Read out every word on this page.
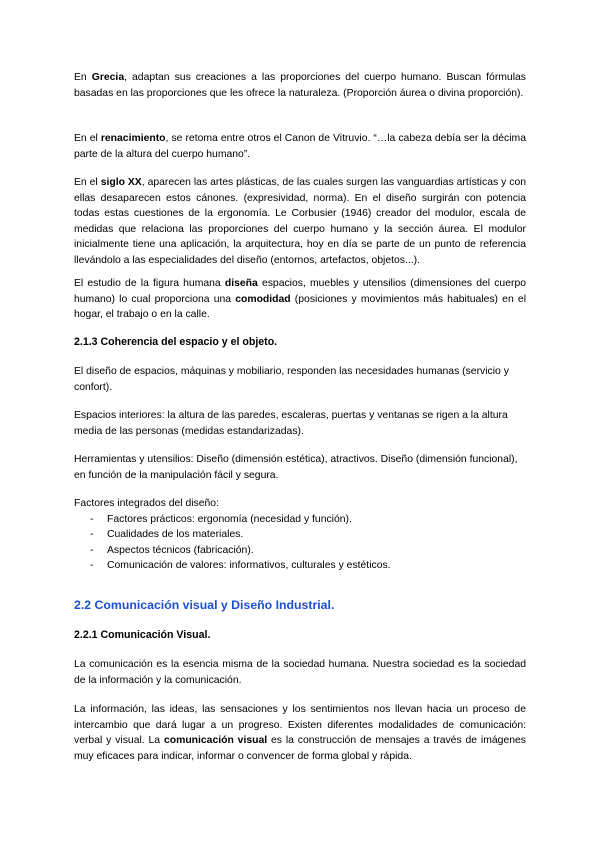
En Grecia, adaptan sus creaciones a las proporciones del cuerpo humano. Buscan fórmulas basadas en las proporciones que les ofrece la naturaleza. (Proporción áurea o divina proporción).

En el renacimiento, se retoma entre otros el Canon de Vitruvio. “…la cabeza debía ser la décima parte de la altura del cuerpo humano”.

En el siglo XX, aparecen las artes plásticas, de las cuales surgen las vanguardias artísticas y con ellas desaparecen estos cánones. (expresividad, norma). En el diseño surgirán con potencia todas estas cuestiones de la ergonomía. Le Corbusier (1946) creador del modulor, escala de medidas que relaciona las proporciones del cuerpo humano y la sección áurea. El modulor inicialmente tiene una aplicación, la arquitectura, hoy en día se parte de un punto de referencia llevándolo a las especialidades del diseño (entornos, artefactos, objetos...).

El estudio de la figura humana diseña espacios, muebles y utensilios (dimensiones del cuerpo humano) lo cual proporciona una comodidad (posiciones y movimientos más habituales) en el hogar, el trabajo o en la calle.

2.1.3 Coherencia del espacio y el objeto.

El diseño de espacios, máquinas y mobiliario, responden las necesidades humanas (servicio y confort).

Espacios interiores: la altura de las paredes, escaleras, puertas y ventanas se rigen a la altura media de las personas (medidas estandarizadas).

Herramientas y utensilios: Diseño (dimensión estética), atractivos. Diseño (dimensión funcional), en función de la manipulación fácil y segura.

Factores integrados del diseño:
- Factores prácticos: ergonomía (necesidad y función).
- Cualidades de los materiales.
- Aspectos técnicos (fabricación).
- Comunicación de valores: informativos, culturales y estéticos.

2.2 Comunicación visual y Diseño Industrial.

2.2.1 Comunicación Visual.

La comunicación es la esencia misma de la sociedad humana. Nuestra sociedad es la sociedad de la información y la comunicación.

La información, las ideas, las sensaciones y los sentimientos nos llevan hacia un proceso de intercambio que dará lugar a un progreso. Existen diferentes modalidades de comunicación: verbal y visual. La comunicación visual es la construcción de mensajes a través de imágenes muy eficaces para indicar, informar o convencer de forma global y rápida.
